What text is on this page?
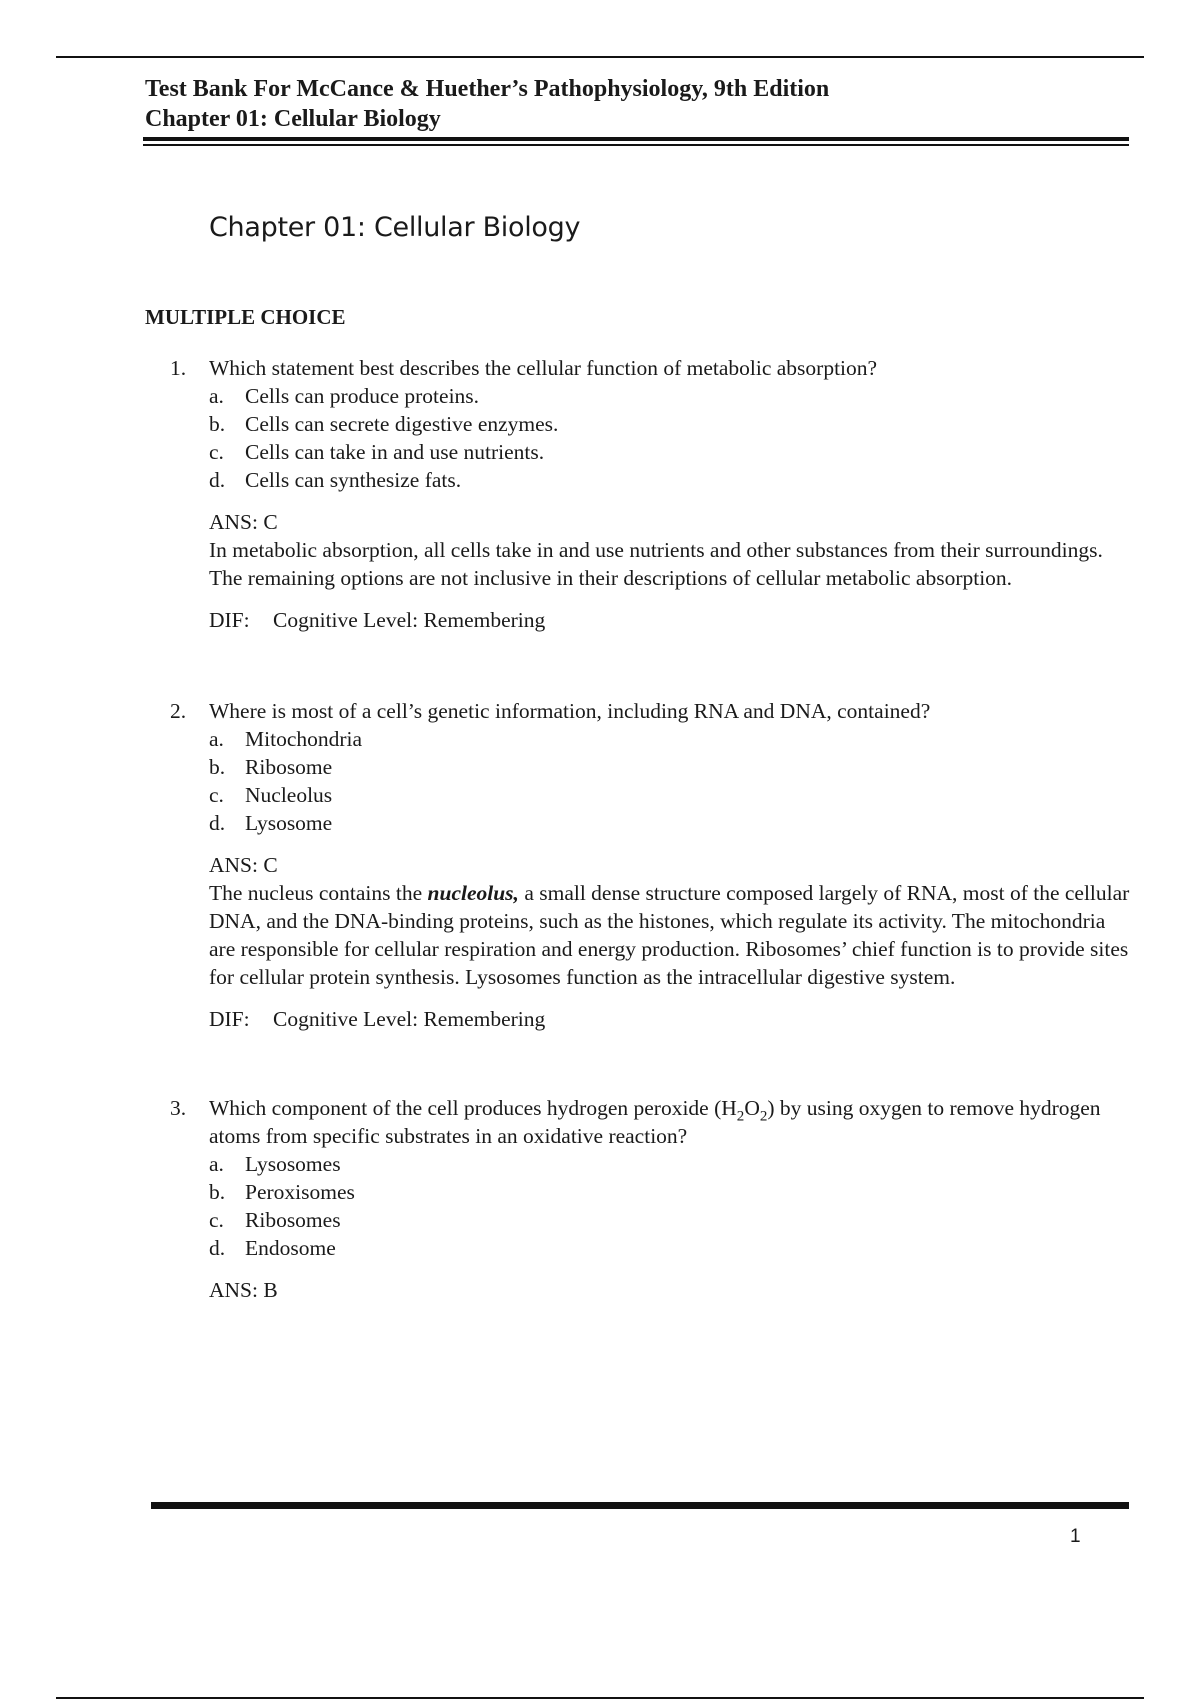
Test Bank For McCance & Huether’s Pathophysiology, 9th Edition
Chapter 01: Cellular Biology
Chapter 01: Cellular Biology
MULTIPLE CHOICE
1.	Which statement best describes the cellular function of metabolic absorption?
a. Cells can produce proteins.
b. Cells can secrete digestive enzymes.
c. Cells can take in and use nutrients.
d. Cells can synthesize fats.
ANS: C
In metabolic absorption, all cells take in and use nutrients and other substances from their surroundings. The remaining options are not inclusive in their descriptions of cellular metabolic absorption.
DIF:	Cognitive Level: Remembering
2.	Where is most of a cell’s genetic information, including RNA and DNA, contained?
a. Mitochondria
b. Ribosome
c. Nucleolus
d. Lysosome
ANS: C
The nucleus contains the nucleolus, a small dense structure composed largely of RNA, most of the cellular DNA, and the DNA-binding proteins, such as the histones, which regulate its activity. The mitochondria are responsible for cellular respiration and energy production. Ribosomes’ chief function is to provide sites for cellular protein synthesis. Lysosomes function as the intracellular digestive system.
DIF:	Cognitive Level: Remembering
3.	Which component of the cell produces hydrogen peroxide $(H_2O_2)$ by using oxygen to remove hydrogen atoms from specific substrates in an oxidative reaction?
a. Lysosomes
b. Peroxisomes
c. Ribosomes
d. Endosome
ANS: B
1
